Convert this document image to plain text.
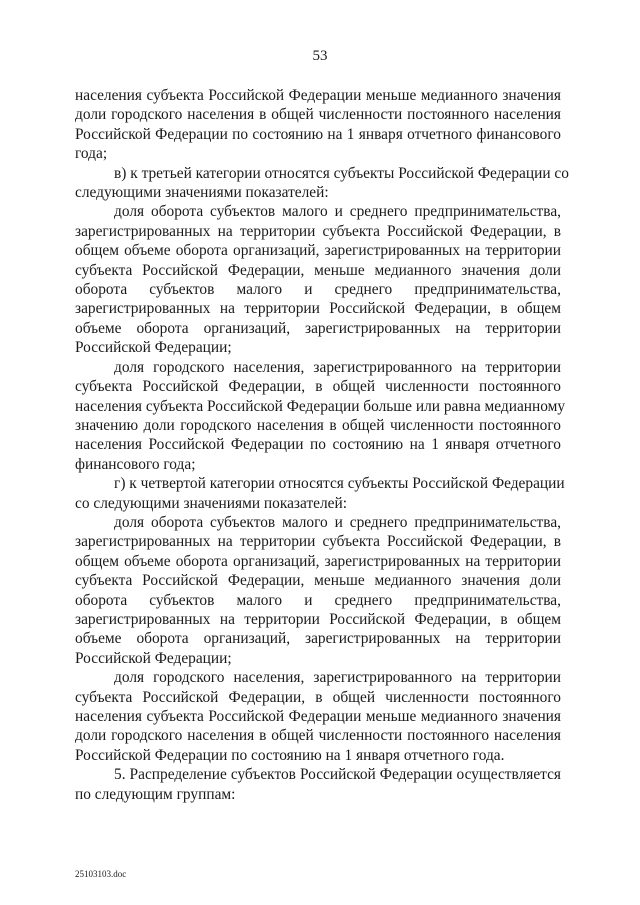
53

населения субъекта Российской Федерации меньше медианного значения
доли городского населения в общей численности постоянного населения
Российской Федерации по состоянию на 1 января отчетного финансового
года;

в) к третьей категории относятся субъекты Российской Федерации со
следующими значениями показателей:

доля оборота субъектов малого и среднего предпринимательства,
зарегистрированных на территории субъекта Российской Федерации, в
общем объеме оборота организаций, зарегистрированных на территории
субъекта Российской Федерации, меньше медианного значения доли
оборота субъектов малого и среднего предпринимательства,
зарегистрированных на территории Российской Федерации, в общем
объеме оборота организаций, зарегистрированных на территории
Российской Федерации;

доля городского населения, зарегистрированного на территории
субъекта Российской Федерации, в общей численности постоянного
населения субъекта Российской Федерации больше или равна медианному
значению доли городского населения в общей численности постоянного
населения Российской Федерации по состоянию на 1 января отчетного
финансового года;

г) к четвертой категории относятся субъекты Российской Федерации
со следующими значениями показателей:

доля оборота субъектов малого и среднего предпринимательства,
зарегистрированных на территории субъекта Российской Федерации, в
общем объеме оборота организаций, зарегистрированных на территории
субъекта Российской Федерации, меньше медианного значения доли
оборота субъектов малого и среднего предпринимательства,
зарегистрированных на территории Российской Федерации, в общем
объеме оборота организаций, зарегистрированных на территории
Российской Федерации;

доля городского населения, зарегистрированного на территории
субъекта Российской Федерации, в общей численности постоянного
населения субъекта Российской Федерации меньше медианного значения
доли городского населения в общей численности постоянного населения
Российской Федерации по состоянию на 1 января отчетного года.

5. Распределение субъектов Российской Федерации осуществляется
по следующим группам:

25103103.doc
